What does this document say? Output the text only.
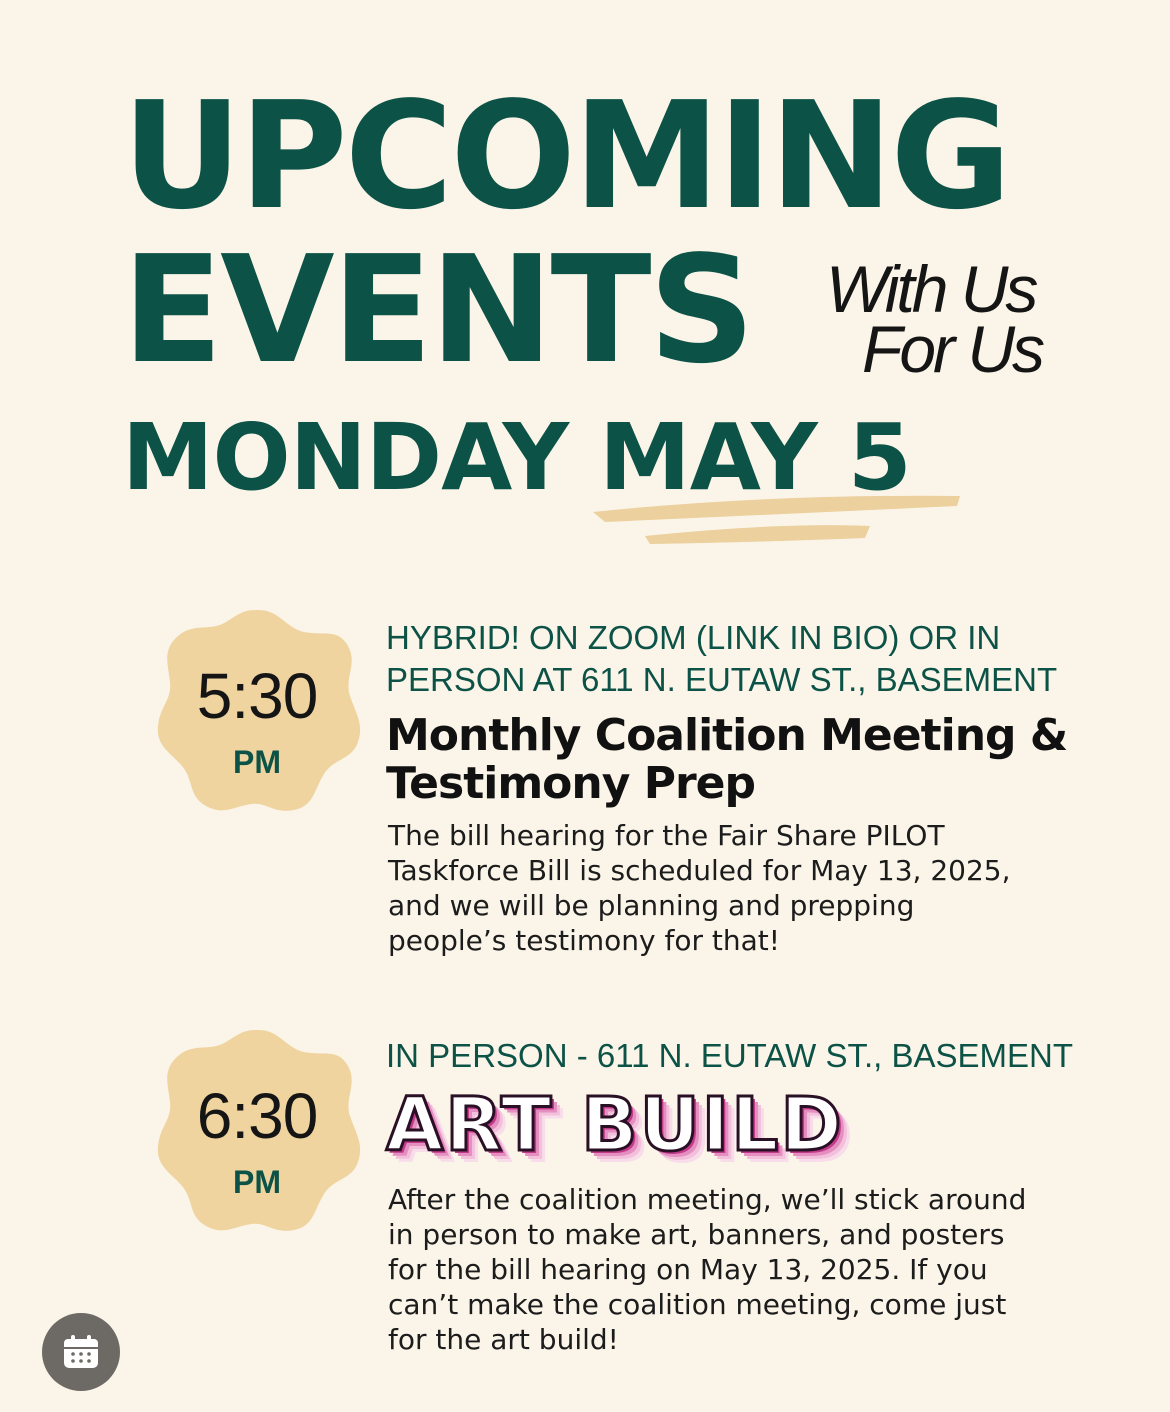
UPCOMING
EVENTS With Us
For Us
MONDAY MAY 5
5:30
PM
HYBRID! ON ZOOM (LINK IN BIO) OR IN
PERSON AT 611 N. EUTAW ST., BASEMENT
Monthly Coalition Meeting &
Testimony Prep
The bill hearing for the Fair Share PILOT
Taskforce Bill is scheduled for May 13, 2025,
and we will be planning and prepping
people’s testimony for that!
6:30
PM
IN PERSON - 611 N. EUTAW ST., BASEMENT
ART BUILD
After the coalition meeting, we’ll stick around
in person to make art, banners, and posters
for the bill hearing on May 13, 2025. If you
can’t make the coalition meeting, come just
for the art build!
